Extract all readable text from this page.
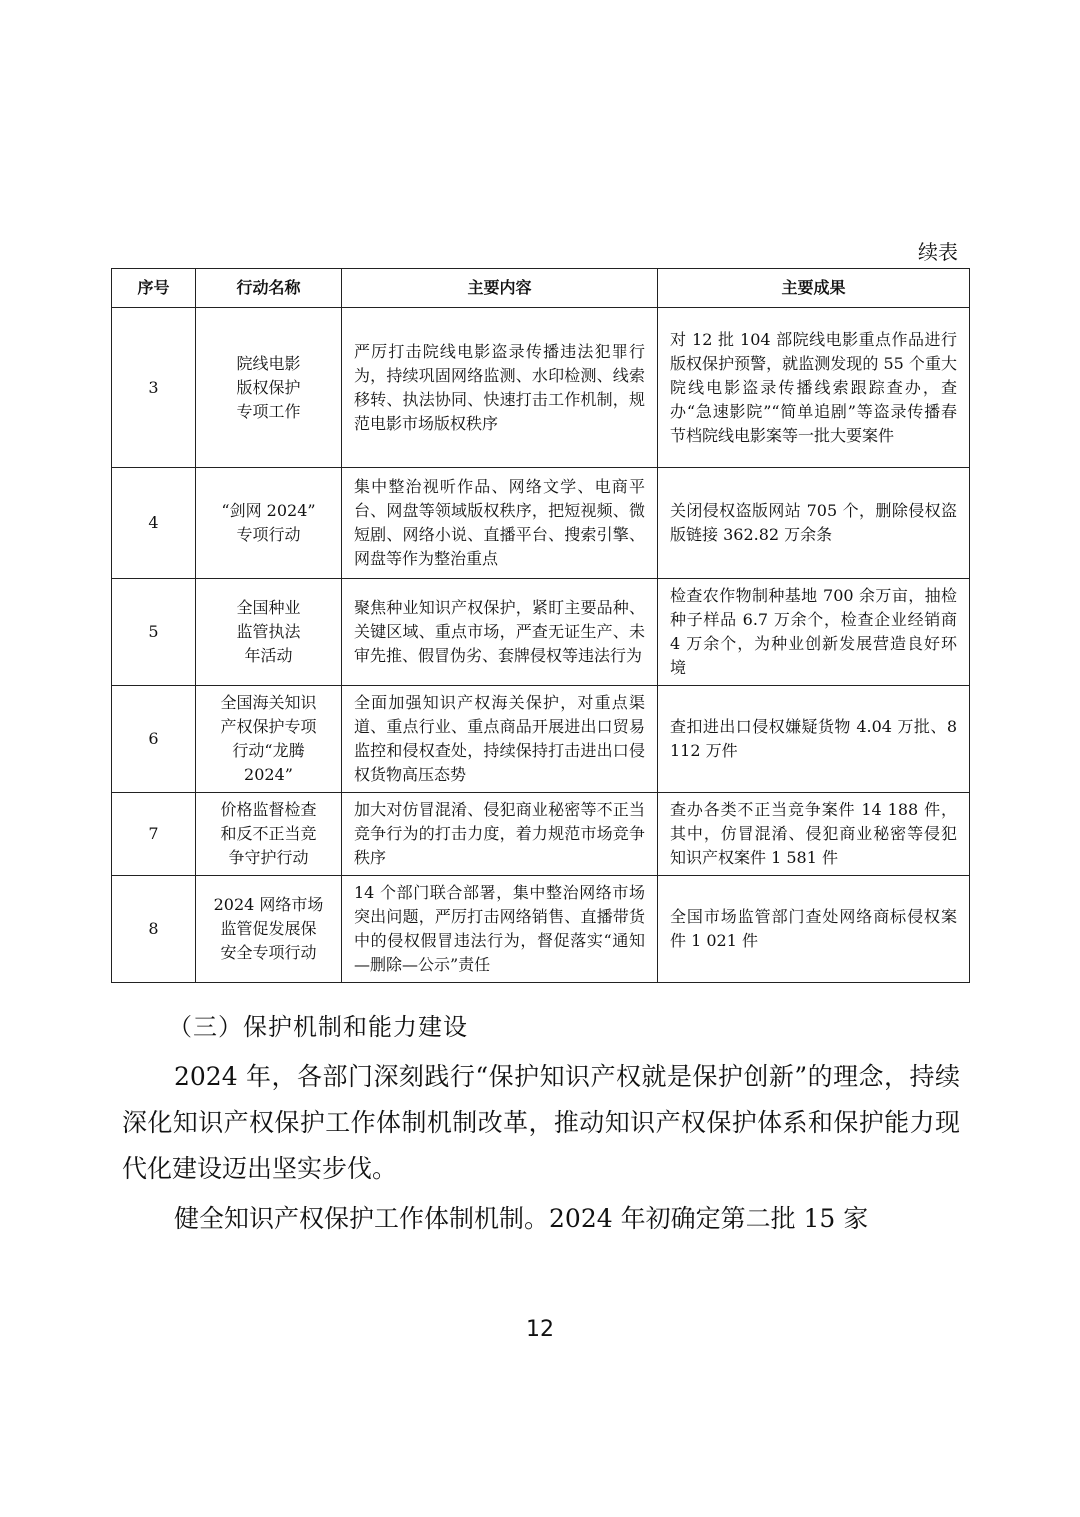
续表
序号	行动名称	主要内容	主要成果
3	院线电影
版权保护
专项工作	严厉打击院线电影盗录传播违法犯罪行为，持续巩固网络监测、水印检测、线索移转、执法协同、快速打击工作机制，规范电影市场版权秩序	对 12 批 104 部院线电影重点作品进行版权保护预警，就监测发现的 55 个重大院线电影盗录传播线索跟踪查办，查办“急速影院”“简单追剧”等盗录传播春节档院线电影案等一批大要案件
4	“剑网 2024”
专项行动	集中整治视听作品、网络文学、电商平台、网盘等领域版权秩序，把短视频、微短剧、网络小说、直播平台、搜索引擎、网盘等作为整治重点	关闭侵权盗版网站 705 个，删除侵权盗版链接 362.82 万余条
5	全国种业
监管执法
年活动	聚焦种业知识产权保护，紧盯主要品种、关键区域、重点市场，严查无证生产、未审先推、假冒伪劣、套牌侵权等违法行为	检查农作物制种基地 700 余万亩，抽检种子样品 6.7 万余个，检查企业经销商 4 万余个，为种业创新发展营造良好环境
6	全国海关知识
产权保护专项
行动“龙腾
2024”	全面加强知识产权海关保护，对重点渠道、重点行业、重点商品开展进出口贸易监控和侵权查处，持续保持打击进出口侵权货物高压态势	查扣进出口侵权嫌疑货物 4.04 万批、8 112 万件
7	价格监督检查
和反不正当竞
争守护行动	加大对仿冒混淆、侵犯商业秘密等不正当竞争行为的打击力度，着力规范市场竞争秩序	查办各类不正当竞争案件 14 188 件，其中，仿冒混淆、侵犯商业秘密等侵犯知识产权案件 1 581 件
8	2024 网络市场
监管促发展保
安全专项行动	14 个部门联合部署，集中整治网络市场突出问题，严厉打击网络销售、直播带货中的侵权假冒违法行为，督促落实“通知—删除—公示”责任	全国市场监管部门查处网络商标侵权案件 1 021 件
（三）保护机制和能力建设

2024 年，各部门深刻践行“保护知识产权就是保护创新”的理念，持续深化知识产权保护工作体制机制改革，推动知识产权保护体系和保护能力现代化建设迈出坚实步伐。

健全知识产权保护工作体制机制。2024 年初确定第二批 15 家

12
